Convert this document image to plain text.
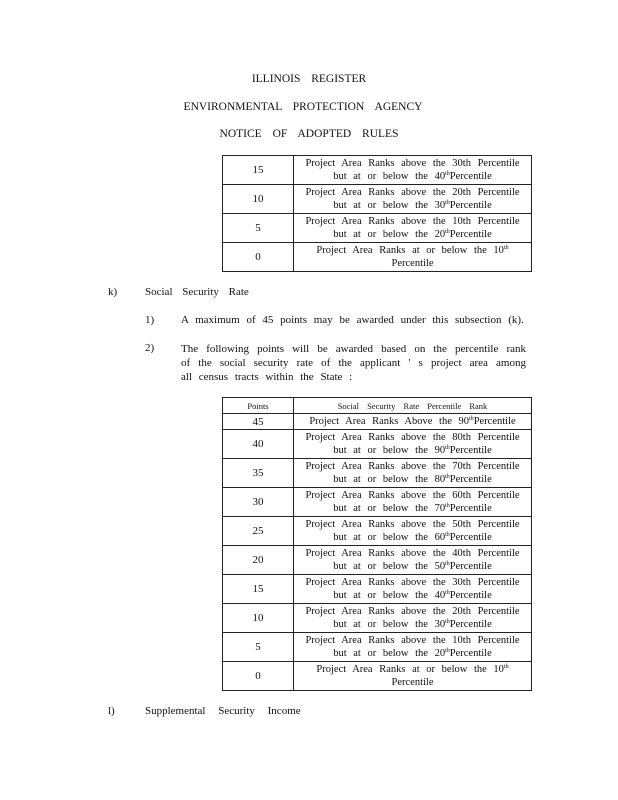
ILLINOIS REGISTER
ENVIRONMENTAL PROTECTION AGENCY
NOTICE OF ADOPTED RULES
15	Project Area Ranks above the 30th Percentile
but at or below the 40thPercentile

10	Project Area Ranks above the 20th Percentile
but at or below the 30thPercentile

5	Project Area Ranks above the 10th Percentile
but at or below the 20thPercentile

0	Project Area Ranks at or below the 10th
Percentile
k)	Social Security Rate
1) A maximum of 45 points may be awarded under this subsection (k).
2) The following points will be awarded based on the percentile rank of the social security rate of the applicant ' s project area among all census tracts within the State :
Points	Social Security Rate Percentile Rank
45	Project Area Ranks Above the 90thPercentile

40	Project Area Ranks above the 80th Percentile
but at or below the 90thPercentile

35	Project Area Ranks above the 70th Percentile
but at or below the 80thPercentile

30	Project Area Ranks above the 60th Percentile
but at or below the 70thPercentile

25	Project Area Ranks above the 50th Percentile
but at or below the 60thPercentile

20	Project Area Ranks above the 40th Percentile
but at or below the 50thPercentile

15	Project Area Ranks above the 30th Percentile
but at or below the 40thPercentile

10	Project Area Ranks above the 20th Percentile
but at or below the 30thPercentile

5	Project Area Ranks above the 10th Percentile
but at or below the 20thPercentile

0	Project Area Ranks at or below the 10th
Percentile
l)	Supplemental Security Income
